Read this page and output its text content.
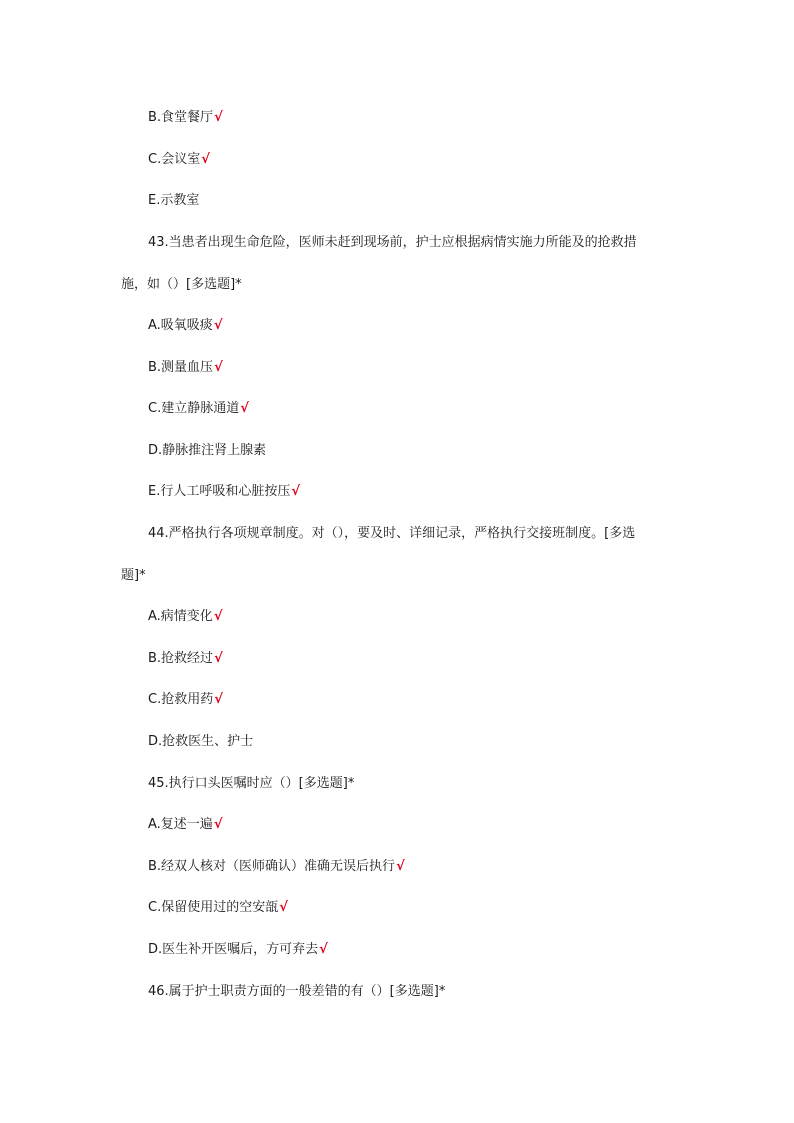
B.食堂餐厅√
C.会议室√
E.示教室
43.当患者出现生命危险，医师未赶到现场前，护士应根据病情实施力所能及的抢救措
施，如（）[多选题]*
A.吸氧吸痰√
B.测量血压√
C.建立静脉通道√
D.静脉推注肾上腺素
E.行人工呼吸和心脏按压√
44.严格执行各项规章制度。对（），要及时、详细记录，严格执行交接班制度。[多选
题]*
A.病情变化√
B.抢救经过√
C.抢救用药√
D.抢救医生、护士
45.执行口头医嘱时应（）[多选题]*
A.复述一遍√
B.经双人核对（医师确认）准确无误后执行√
C.保留使用过的空安瓿√
D.医生补开医嘱后，方可弃去√
46.属于护士职责方面的一般差错的有（）[多选题]*
